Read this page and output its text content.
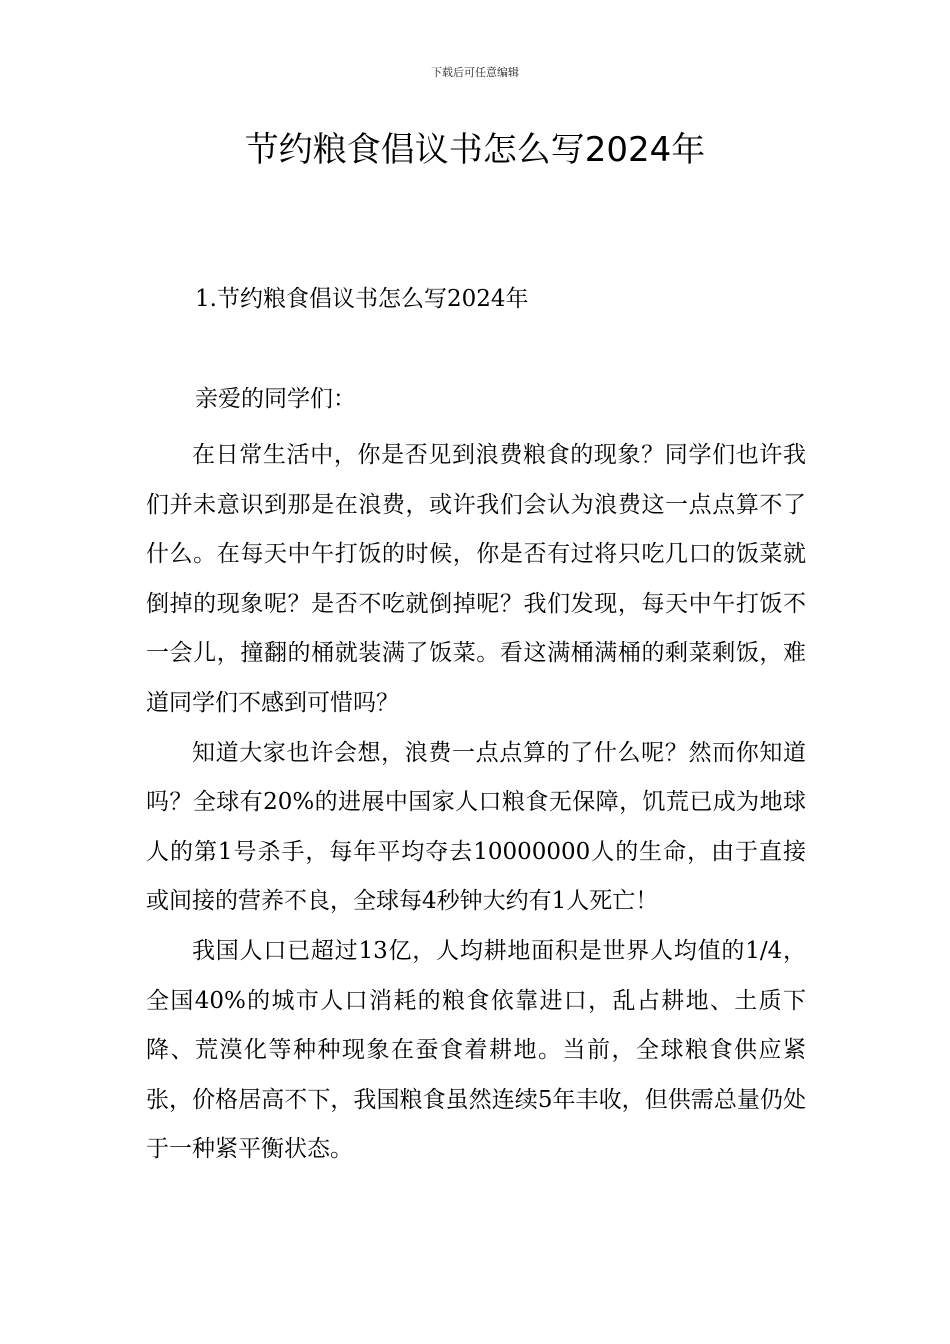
下载后可任意编辑
节约粮食倡议书怎么写2024年
1.节约粮食倡议书怎么写2024年
亲爱的同学们：

在日常生活中，你是否见到浪费粮食的现象？同学们也许我们并未意识到那是在浪费，或许我们会认为浪费这一点点算不了什么。在每天中午打饭的时候，你是否有过将只吃几口的饭菜就倒掉的现象呢？是否不吃就倒掉呢？我们发现，每天中午打饭不一会儿，撞翻的桶就装满了饭菜。看这满桶满桶的剩菜剩饭，难道同学们不感到可惜吗？

知道大家也许会想，浪费一点点算的了什么呢？然而你知道吗？全球有20%的进展中国家人口粮食无保障，饥荒已成为地球人的第1号杀手，每年平均夺去10000000人的生命，由于直接或间接的营养不良，全球每4秒钟大约有1人死亡！

我国人口已超过13亿，人均耕地面积是世界人均值的1/4，全国40%的城市人口消耗的粮食依靠进口，乱占耕地、土质下降、荒漠化等种种现象在蚕食着耕地。当前，全球粮食供应紧张，价格居高不下，我国粮食虽然连续5年丰收，但供需总量仍处于一种紧平衡状态。
